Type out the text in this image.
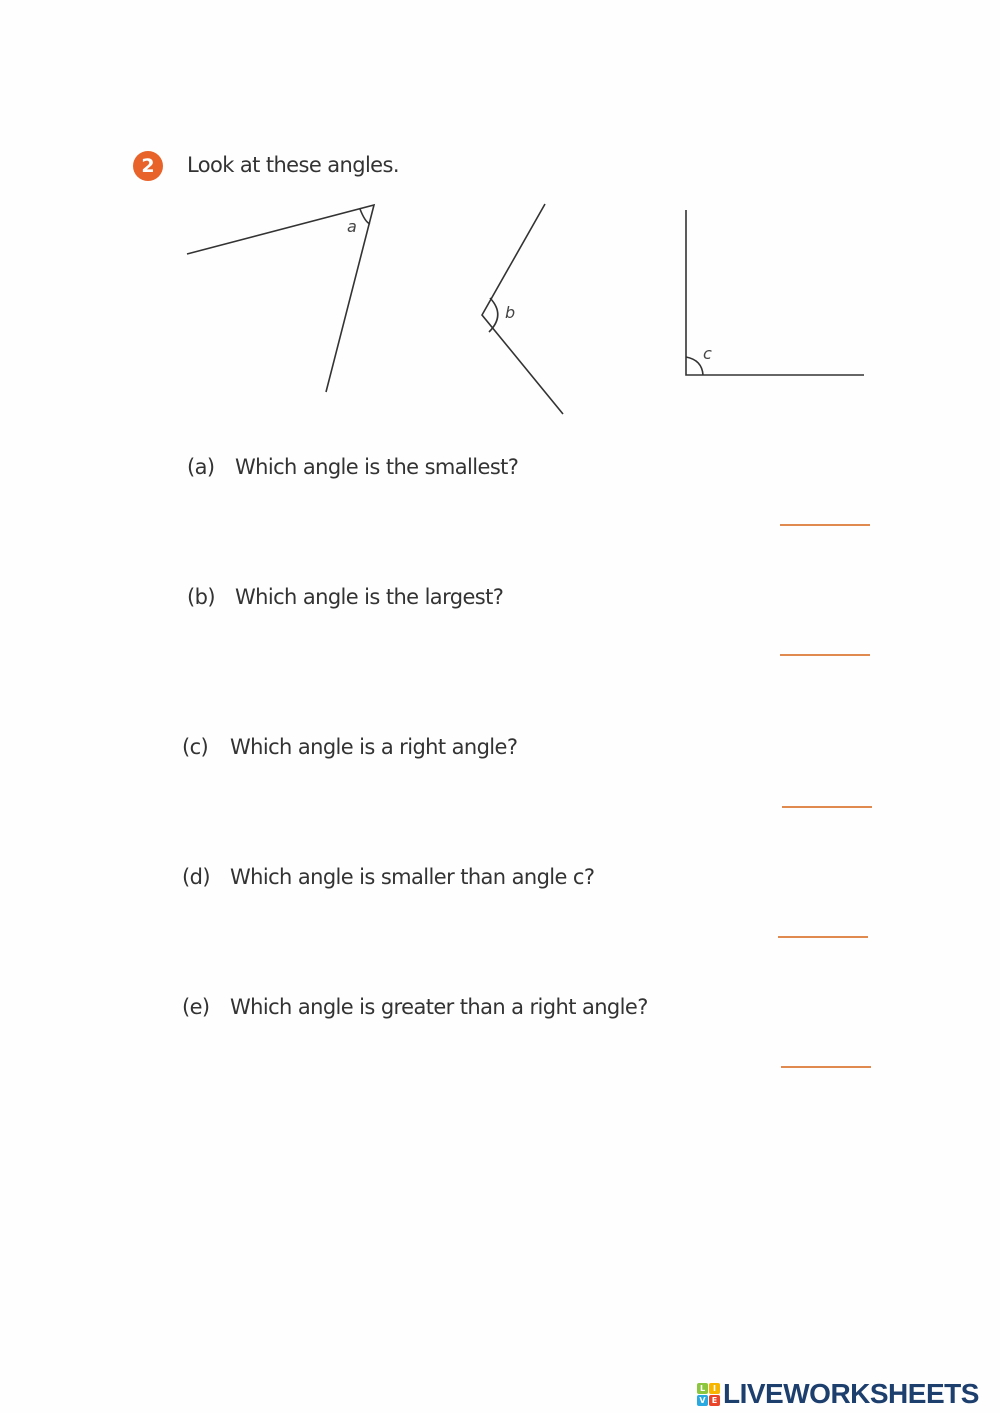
2	Look at these angles.
a
b
c
(a) Which angle is the smallest?
(b) Which angle is the largest?
(c) Which angle is a right angle?
(d) Which angle is smaller than angle c?
(e) Which angle is greater than a right angle?
L I
V E LIVEWORKSHEETS
